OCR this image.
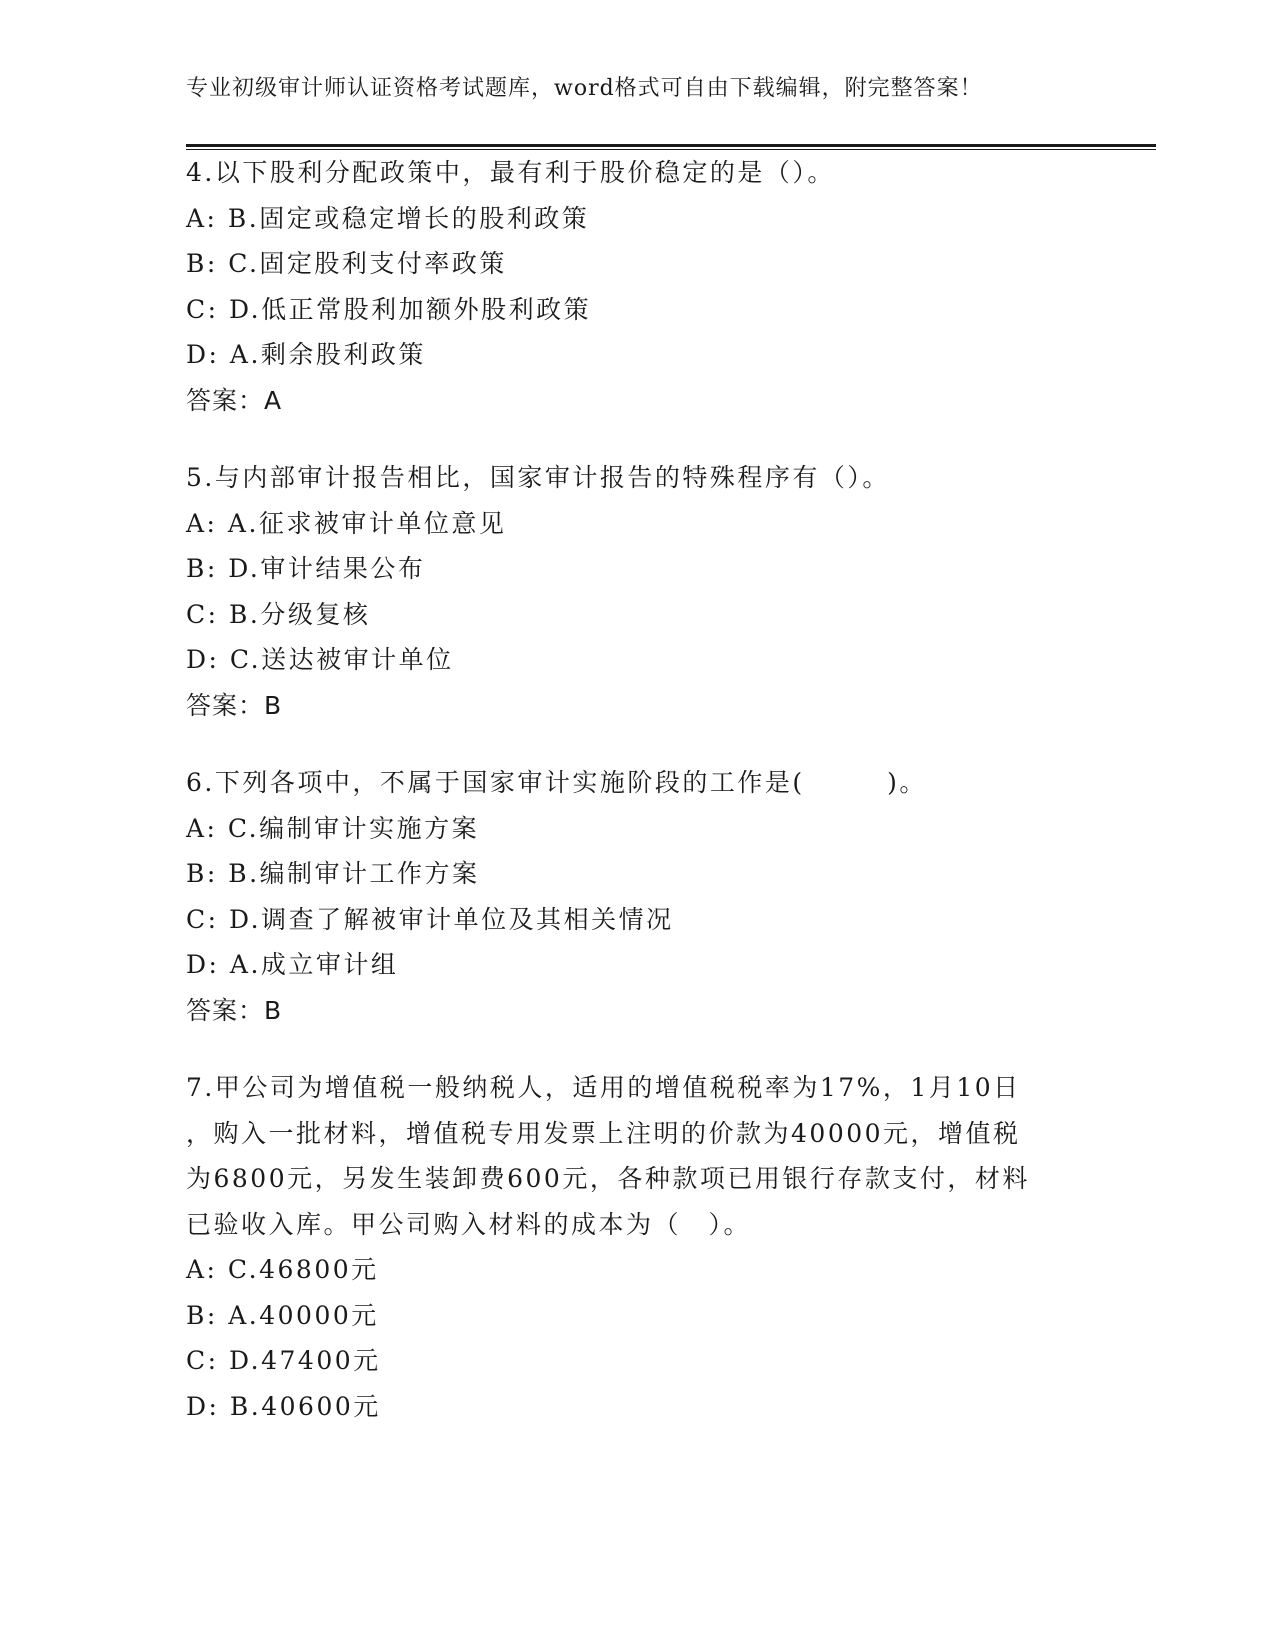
专业初级审计师认证资格考试题库，word格式可自由下载编辑，附完整答案！
4.以下股利分配政策中，最有利于股价稳定的是（）。
A: B.固定或稳定增长的股利政策
B: C.固定股利支付率政策
C: D.低正常股利加额外股利政策
D: A.剩余股利政策
答案：A
5.与内部审计报告相比，国家审计报告的特殊程序有（）。
A: A.征求被审计单位意见
B: D.审计结果公布
C: B.分级复核
D: C.送达被审计单位
答案：B
6.下列各项中，不属于国家审计实施阶段的工作是(　　　)。
A: C.编制审计实施方案
B: B.编制审计工作方案
C: D.调查了解被审计单位及其相关情况
D: A.成立审计组
答案：B
7.甲公司为增值税一般纳税人，适用的增值税税率为17%，1月10日
，购入一批材料，增值税专用发票上注明的价款为40000元，增值税
为6800元，另发生装卸费600元，各种款项已用银行存款支付，材料
已验收入库。甲公司购入材料的成本为（　）。
A: C.46800元
B: A.40000元
C: D.47400元
D: B.40600元
